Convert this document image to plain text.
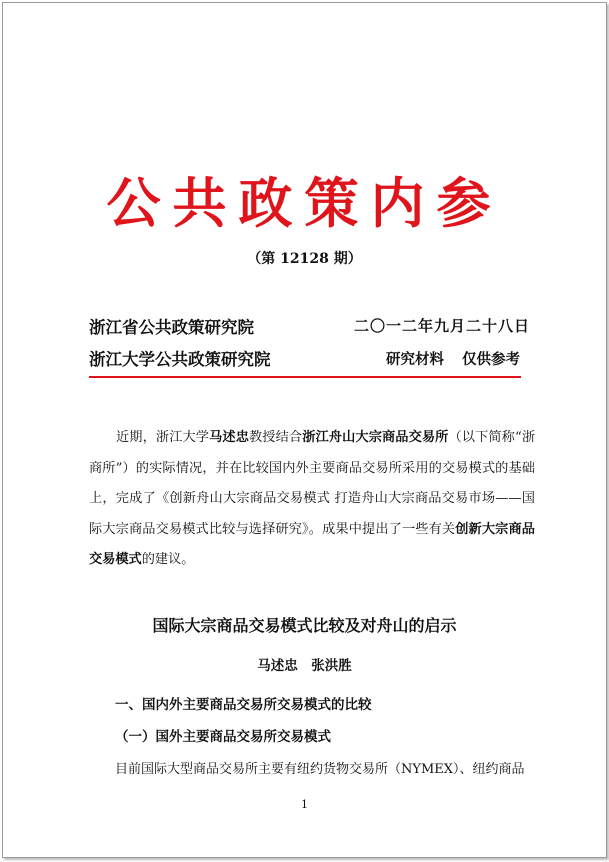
公共政策内参
（第 12128 期）
浙江省公共政策研究院	二〇一二年九月二十八日
浙江大学公共政策研究院	研究材料 仅供参考

近期，浙江大学马述忠教授结合浙江舟山大宗商品交易所（以下简称“浙商所”）的实际情况，并在比较国内外主要商品交易所采用的交易模式的基础上，完成了《创新舟山大宗商品交易模式 打造舟山大宗商品交易市场——国际大宗商品交易模式比较与选择研究》。成果中提出了一些有关创新大宗商品交易模式的建议。

国际大宗商品交易模式比较及对舟山的启示
马述忠　张洪胜
一、国内外主要商品交易所交易模式的比较
（一）国外主要商品交易所交易模式
目前国际大型商品交易所主要有纽约货物交易所（NYMEX）、纽约商品
1
